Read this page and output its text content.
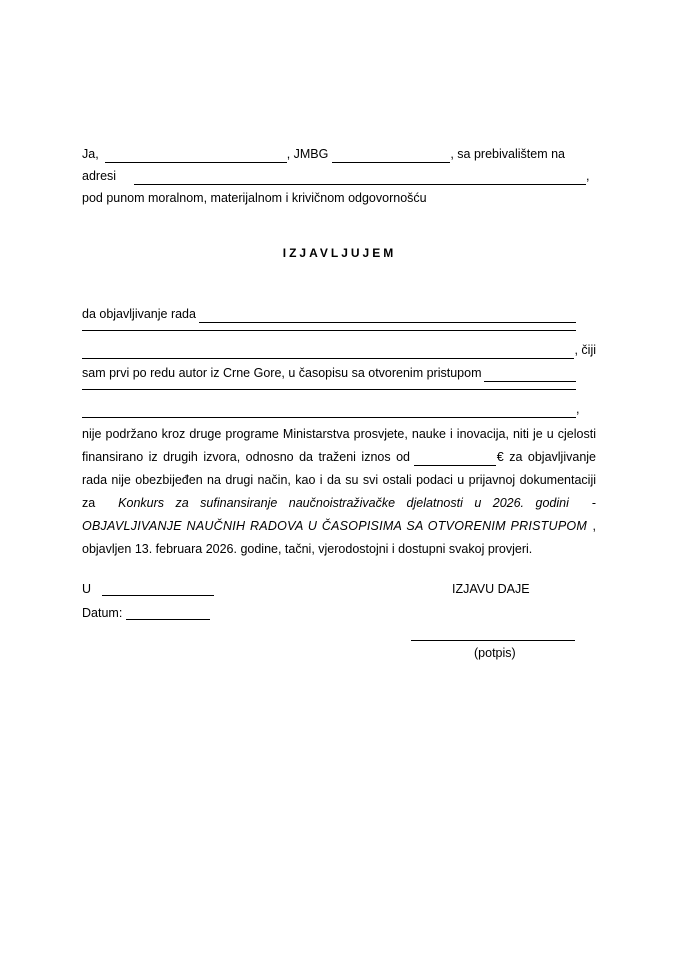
Ja,	, JMBG	, sa prebivalištem na
adresi	,
pod punom moralnom, materijalnom i krivičnom odgovornošću
IZJAVLJUJEM
da objavljivanje rada
, čiji
sam prvi po redu autor iz Crne Gore, u časopisu sa otvorenim pristupom
,
nije podržano kroz druge programe Ministarstva prosvjete, nauke i inovacija, niti je u cjelosti
finansirano iz drugih izvora, odnosno da traženi iznos od	€ za objavljivanje
rada nije obezbijeđen na drugi način, kao i da su svi ostali podaci u prijavnoj dokumentaciji
za Konkurs za sufinansiranje naučnoistraživačke djelatnosti u 2026. godini -
OBJAVLJIVANJE NAUČNIH RADOVA U ČASOPISIMA SA OTVORENIM PRISTUPOM ,
objavljen 13. februara 2026. godine, tačni, vjerodostojni i dostupni svakoj provjeri.
U
Datum:
IZJAVU DAJE
(potpis)
